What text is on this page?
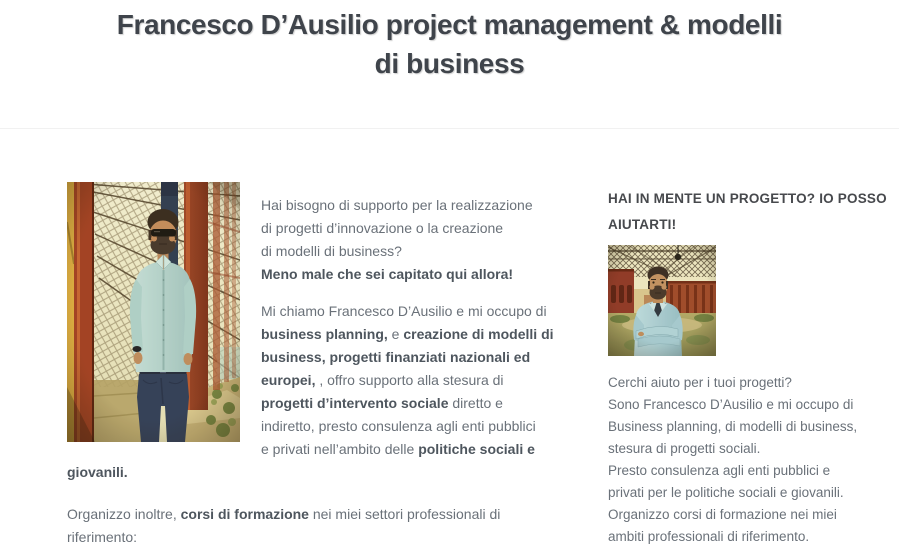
Francesco D’Ausilio project management & modelli
di business

Hai bisogno di supporto per la realizzazione
di progetti d’innovazione o la creazione
di modelli di business?
Meno male che sei capitato qui allora!

Mi chiamo Francesco D’Ausilio e mi occupo di
business planning, e creazione di modelli di
business, progetti finanziati nazionali ed
europei, , offro supporto alla stesura di
progetti d’intervento sociale diretto e
indiretto, presto consulenza agli enti pubblici
e privati nell’ambito delle politiche sociali e

giovanili.

Organizzo inoltre, corsi di formazione nei miei settori professionali di
riferimento:

HAI IN MENTE UN PROGETTO? IO POSSO
AIUTARTI!

Cerchi aiuto per i tuoi progetti?
Sono Francesco D’Ausilio e mi occupo di
Business planning, di modelli di business,
stesura di progetti sociali.
Presto consulenza agli enti pubblici e
privati per le politiche sociali e giovanili.
Organizzo corsi di formazione nei miei
ambiti professionali di riferimento.
